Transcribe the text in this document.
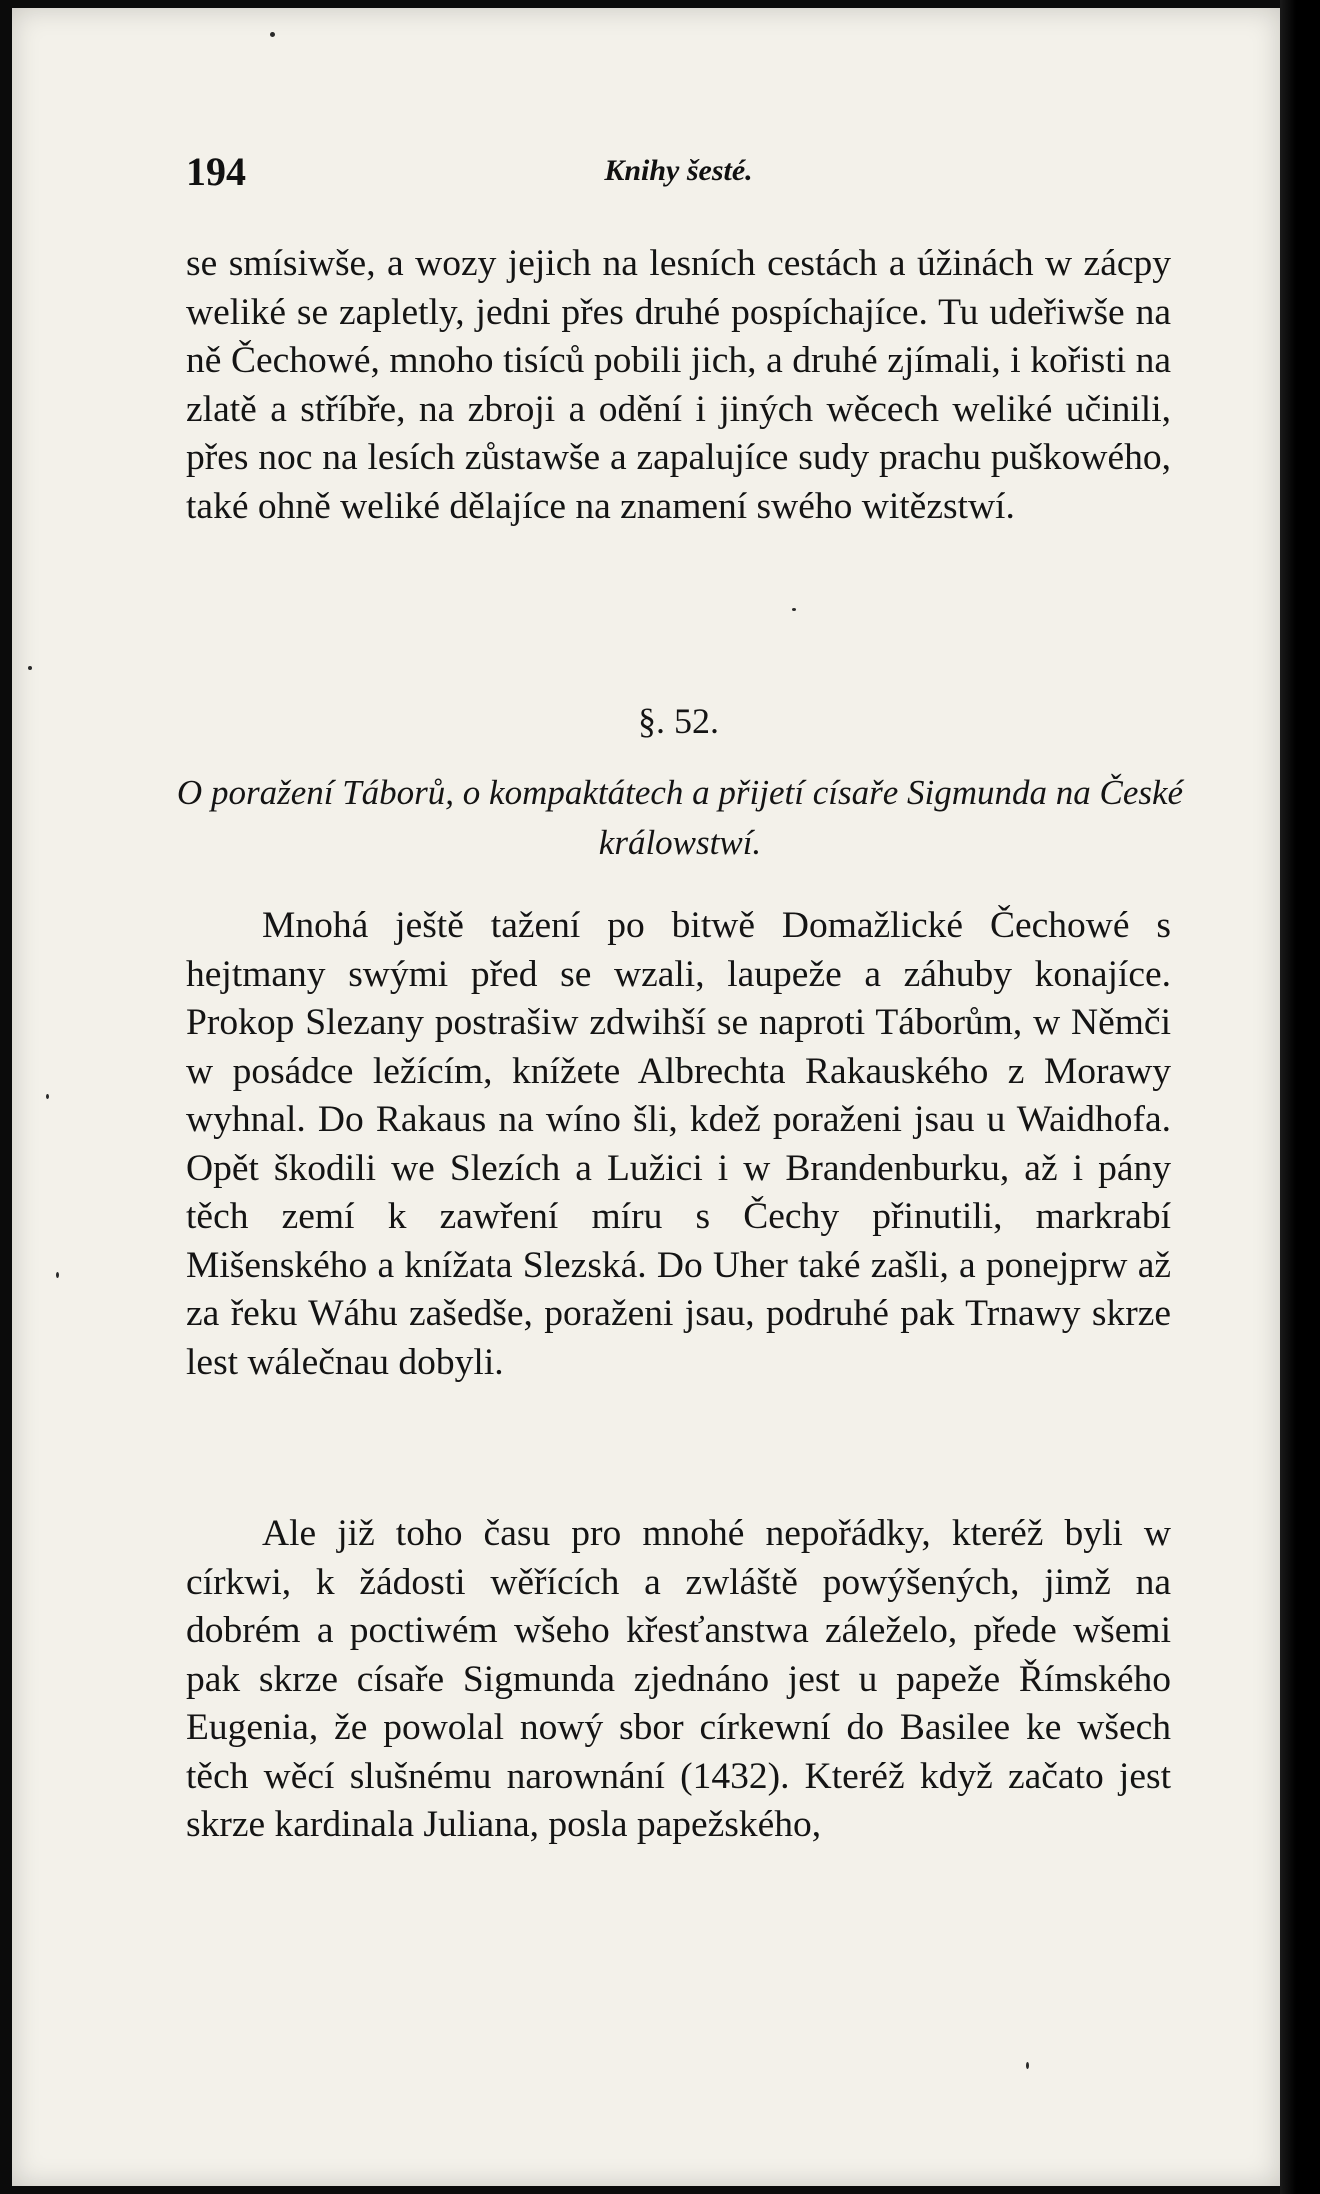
194	Knihy šesté.

se smísiwše, a wozy jejich na lesních cestách a úžinách w zácpy weliké se zapletly, jedni přes druhé pospíchajíce. Tu udeřiwše na ně Čechowé, mnoho tisíců pobili jich, a druhé zjímali, i kořisti na zlatě a stříbře, na zbroji a odění i jiných wěcech weliké učinili, přes noc na lesích zůstawše a zapalujíce sudy prachu puškowého, také ohně weliké dělajíce na znamení swého witězstwí.

§. 52.
O poražení Táborů, o kompaktátech a přijetí císaře Sigmunda na České králowstwí.

Mnohá ještě tažení po bitwě Domažlické Čechowé s hejtmany swými před se wzali, laupeže a záhuby konajíce. Prokop Slezany postrašiw zdwihší se naproti Táborům, w Němči w posádce ležícím, knížete Albrechta Rakauského z Morawy wyhnal. Do Rakaus na wíno šli, kdež poraženi jsau u Waidhofa. Opět škodili we Slezích a Lužici i w Brandenburku, až i pány těch zemí k zawření míru s Čechy přinutili, markrabí Mišenského a knížata Slezská. Do Uher také zašli, a ponejprw až za řeku Wáhu zašedše, poraženi jsau, podruhé pak Trnawy skrze lest wálečnau dobyli.

Ale již toho času pro mnohé nepořádky, kteréž byli w církwi, k žádosti wěřících a zwláště powýšených, jimž na dobrém a poctiwém wšeho křesťanstwa záleželo, přede wšemi pak skrze císaře Sigmunda zjednáno jest u papeže Římského Eugenia, že powolal nowý sbor církewní do Basilee ke wšech těch wěcí slušnému narownání (1432). Kteréž když začato jest skrze kardinala Juliana, posla papežského,
